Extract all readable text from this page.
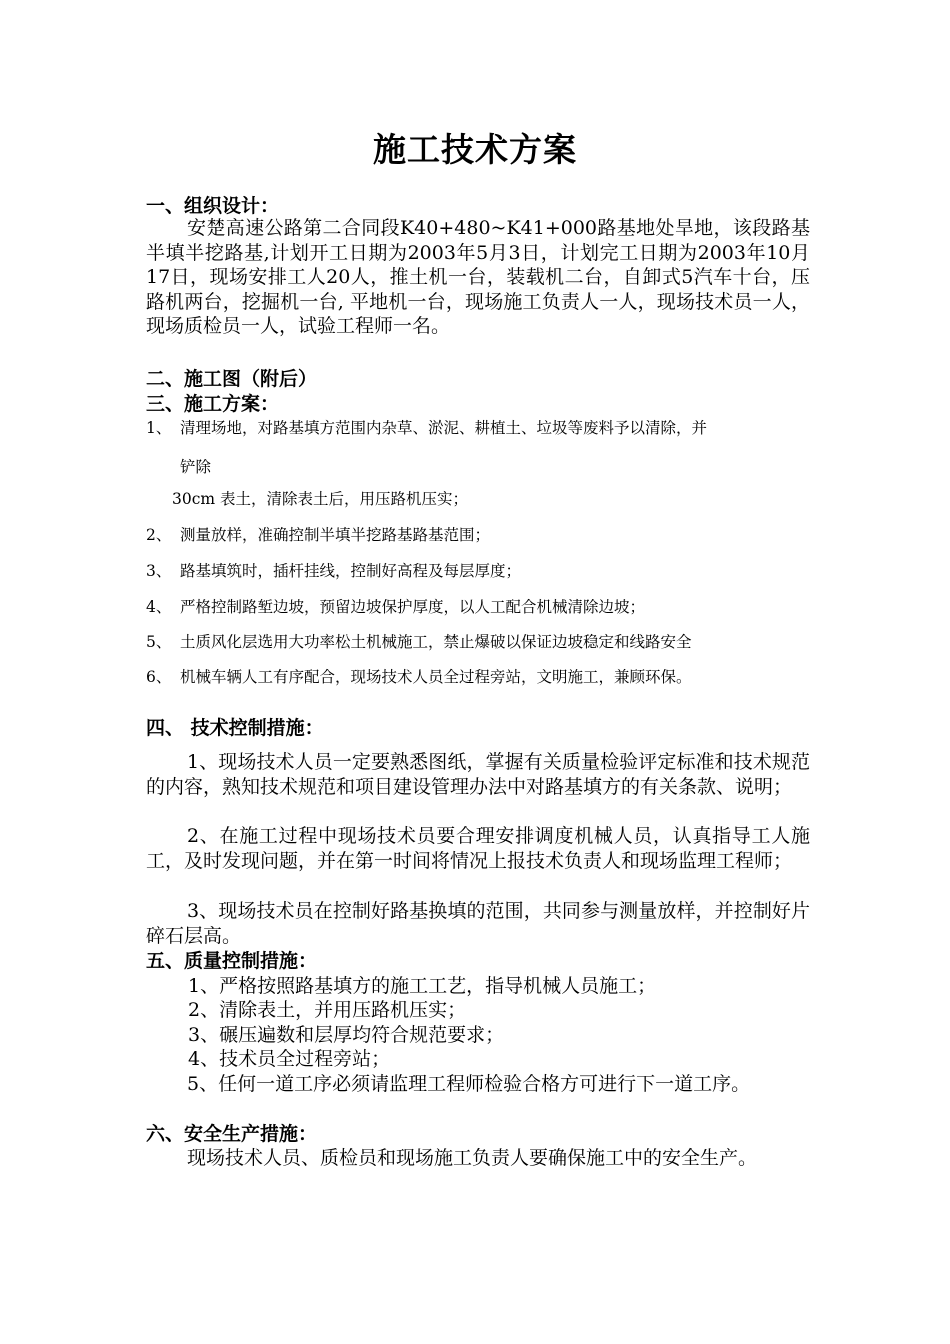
施工技术方案
一、组织设计：
安楚高速公路第二合同段K40+480~K41+000路基地处旱地，该段路基半填半挖路基,计划开工日期为2003年5月3日，计划完工日期为2003年10月17日，现场安排工人20人，推土机一台，装载机二台，自卸式5汽车十台，压路机两台，挖掘机一台, 平地机一台，现场施工负责人一人，现场技术员一人，现场质检员一人，试验工程师一名。
二、施工图（附后）
三、施工方案：
1、 清理场地，对路基填方范围内杂草、淤泥、耕植土、垃圾等废料予以清除，并
铲除
30cm 表土，清除表土后，用压路机压实；
2、 测量放样，准确控制半填半挖路基路基范围；
3、 路基填筑时，插杆挂线，控制好高程及每层厚度；
4、 严格控制路堑边坡，预留边坡保护厚度，以人工配合机械清除边坡；
5、 土质风化层选用大功率松土机械施工，禁止爆破以保证边坡稳定和线路安全
6、 机械车辆人工有序配合，现场技术人员全过程旁站，文明施工，兼顾环保。
四、 技术控制措施：
1、现场技术人员一定要熟悉图纸，掌握有关质量检验评定标准和技术规范的内容，熟知技术规范和项目建设管理办法中对路基填方的有关条款、说明；
2、在施工过程中现场技术员要合理安排调度机械人员，认真指导工人施工，及时发现问题，并在第一时间将情况上报技术负责人和现场监理工程师；
3、现场技术员在控制好路基换填的范围，共同参与测量放样，并控制好片碎石层高。
五、质量控制措施：
1、严格按照路基填方的施工工艺，指导机械人员施工；
2、清除表土，并用压路机压实；
3、碾压遍数和层厚均符合规范要求；
4、技术员全过程旁站；
5、任何一道工序必须请监理工程师检验合格方可进行下一道工序。
六、安全生产措施：
现场技术人员、质检员和现场施工负责人要确保施工中的安全生产。
